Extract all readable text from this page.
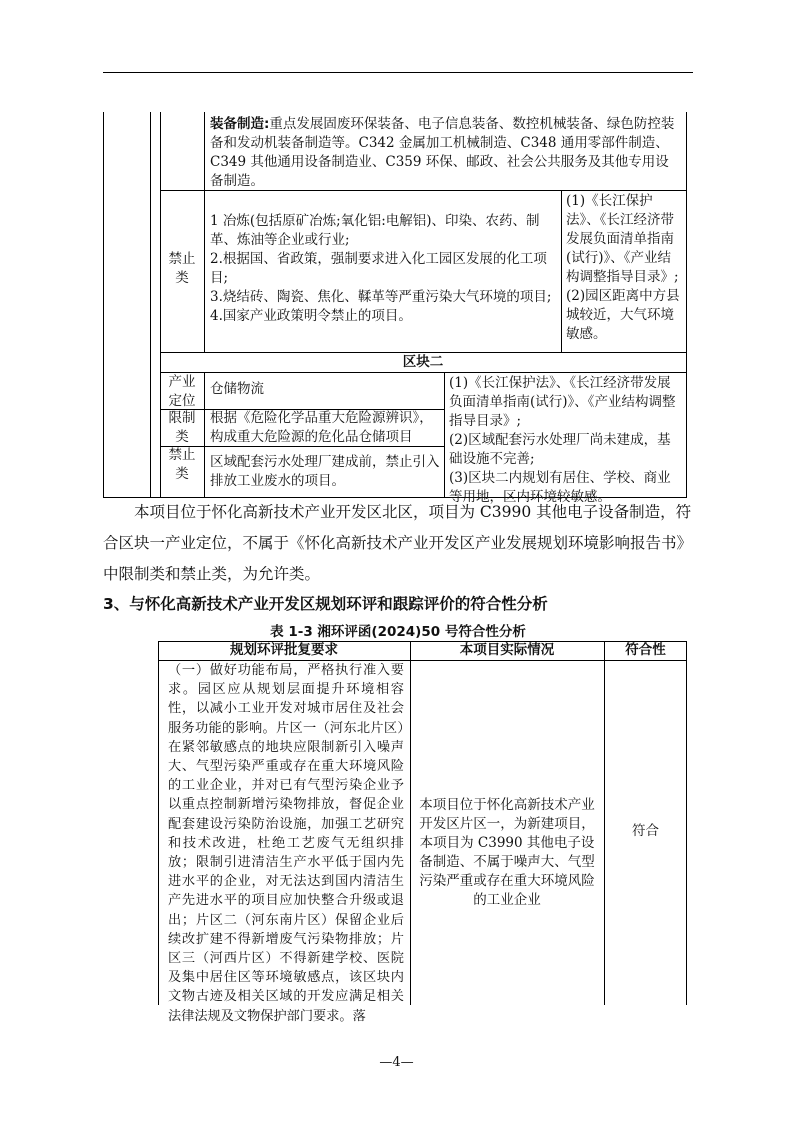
装备制造:重点发展固废环保装备、电子信息装备、数控机械装备、绿色防控装备和发动机装备制造等。C342 金属加工机械制造、C348 通用零部件制造、C349 其他通用设备制造业、C359 环保、邮政、社会公共服务及其他专用设备制造。
禁止类
1 冶炼(包括原矿冶炼;氧化铝:电解铝)、印染、农药、制革、炼油等企业或行业;
2.根据国、省政策，强制要求进入化工园区发展的化工项目;
3.烧结砖、陶瓷、焦化、鞣革等严重污染大气环境的项目;
4.国家产业政策明令禁止的项目。
(1)《长江保护法》、《长江经济带发展负面清单指南(试行)》、《产业结构调整指导目录》;
(2)园区距离中方县城较近，大气环境敏感。
区块二
产业定位
仓储物流
限制类
根据《危险化学品重大危险源辨识》，构成重大危险源的危化品仓储项目
禁止类
区域配套污水处理厂建成前，禁止引入排放工业废水的项目。
(1)《长江保护法》、《长江经济带发展负面清单指南(试行)》、《产业结构调整指导目录》;
(2)区域配套污水处理厂尚未建成，基础设施不完善;
(3)区块二内规划有居住、学校、商业等用地，区内环境较敏感。
本项目位于怀化高新技术产业开发区北区，项目为 C3990 其他电子设备制造，符合区块一产业定位，不属于《怀化高新技术产业开发区产业发展规划环境影响报告书》中限制类和禁止类，为允许类。
3、与怀化高新技术产业开发区规划环评和跟踪评价的符合性分析
表 1-3 湘环评函(2024)50 号符合性分析
规划环评批复要求	本项目实际情况	符合性
（一）做好功能布局，严格执行准入要求。园区应从规划层面提升环境相容性，以减小工业开发对城市居住及社会服务功能的影响。片区一（河东北片区）在紧邻敏感点的地块应限制新引入噪声大、气型污染严重或存在重大环境风险的工业企业，并对已有气型污染企业予以重点控制新增污染物排放，督促企业配套建设污染防治设施，加强工艺研究和技术改进，杜绝工艺废气无组织排放；限制引进清洁生产水平低于国内先进水平的企业，对无法达到国内清洁生产先进水平的项目应加快整合升级或退出；片区二（河东南片区）保留企业后续改扩建不得新增废气污染物排放；片区三（河西片区）不得新建学校、医院及集中居住区等环境敏感点，该区块内文物古迹及相关区域的开发应满足相关法律法规及文物保护部门要求。落
本项目位于怀化高新技术产业开发区片区一，为新建项目，本项目为 C3990 其他电子设备制造、不属于噪声大、气型污染严重或存在重大环境风险的工业企业
符合
—4—
